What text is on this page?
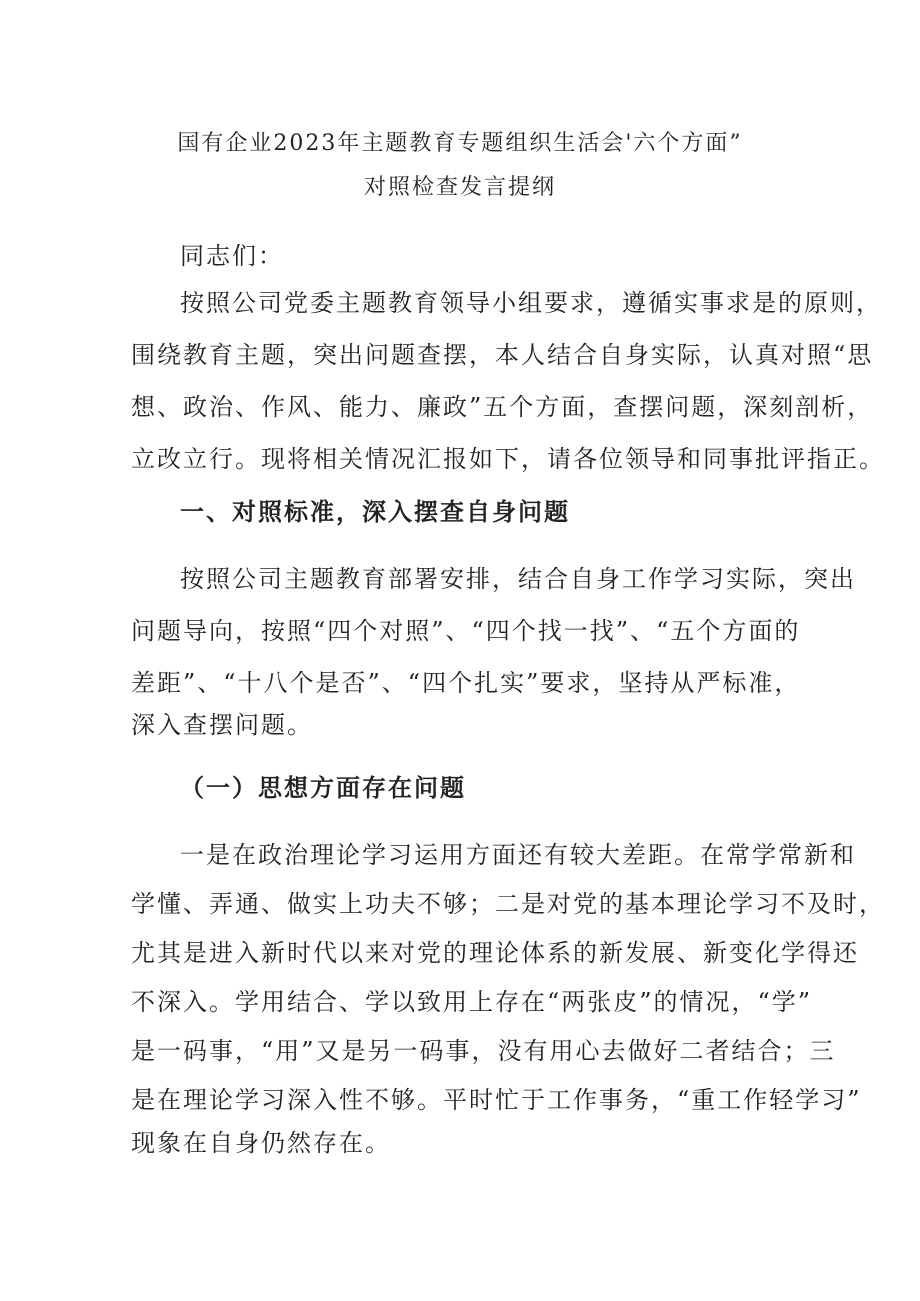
国有企业2023年主题教育专题组织生活会'六个方面”
对照检查发言提纲
同志们：
按照公司党委主题教育领导小组要求，遵循实事求是的原则，
围绕教育主题，突出问题查摆，本人结合自身实际，认真对照“思
想、政治、作风、能力、廉政”五个方面，查摆问题，深刻剖析，
立改立行。现将相关情况汇报如下，请各位领导和同事批评指正。
一、对照标准，深入摆查自身问题
按照公司主题教育部署安排，结合自身工作学习实际，突出
问题导向，按照“四个对照”、“四个找一找”、“五个方面的
差距”、“十八个是否”、“四个扎实”要求，坚持从严标准，
深入查摆问题。
（一）思想方面存在问题
一是在政治理论学习运用方面还有较大差距。在常学常新和
学懂、弄通、做实上功夫不够；二是对党的基本理论学习不及时，
尤其是进入新时代以来对党的理论体系的新发展、新变化学得还
不深入。学用结合、学以致用上存在“两张皮”的情况，“学”
是一码事，“用”又是另一码事，没有用心去做好二者结合；三
是在理论学习深入性不够。平时忙于工作事务，“重工作轻学习”
现象在自身仍然存在。
